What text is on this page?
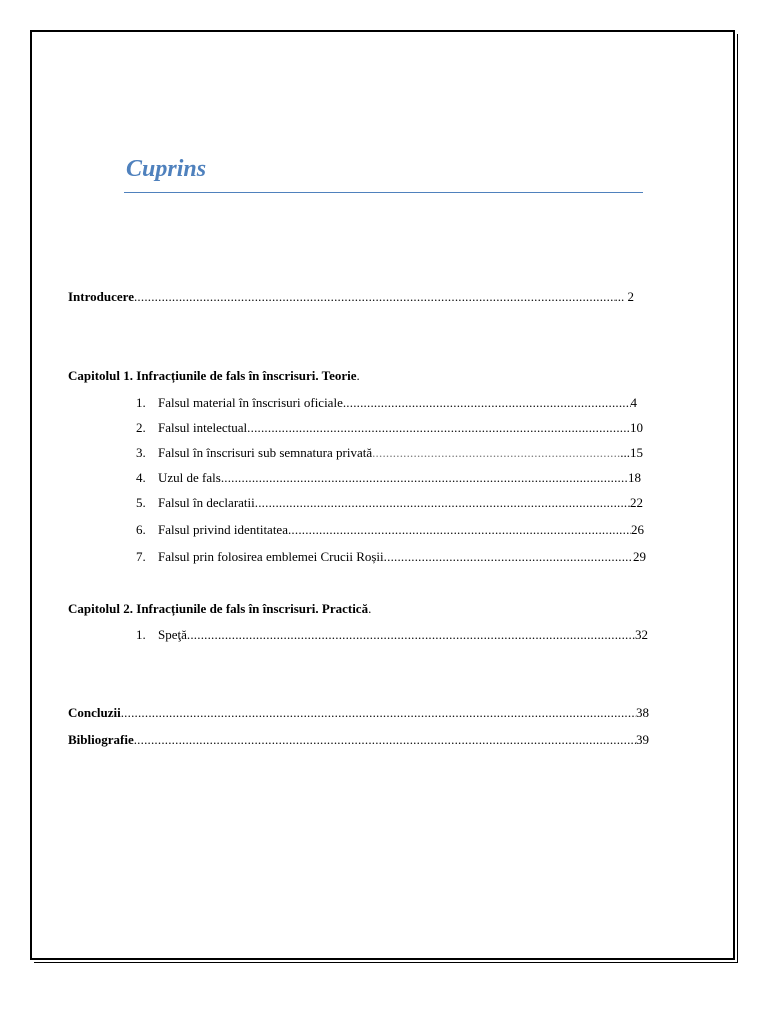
Cuprins
Introducere .....	... 2
Capitolul 1. Infracțiunile de fals în înscrisuri. Teorie.
1. Falsul material în înscrisuri oficiale .....	4
2. Falsul intelectual .....	10
3. Falsul în înscrisuri sub semnatura privată .....	...15
4. Uzul de fals .....	18
5. Falsul în declaratii .....	22
6. Falsul privind identitatea .....	26
7. Falsul prin folosirea emblemei Crucii Roșii .....	29
Capitolul 2. Infracțiunile de fals în înscrisuri. Practică.
1. Speţă .....	32
Concluzii .....	38
Bibliografie .....	39
